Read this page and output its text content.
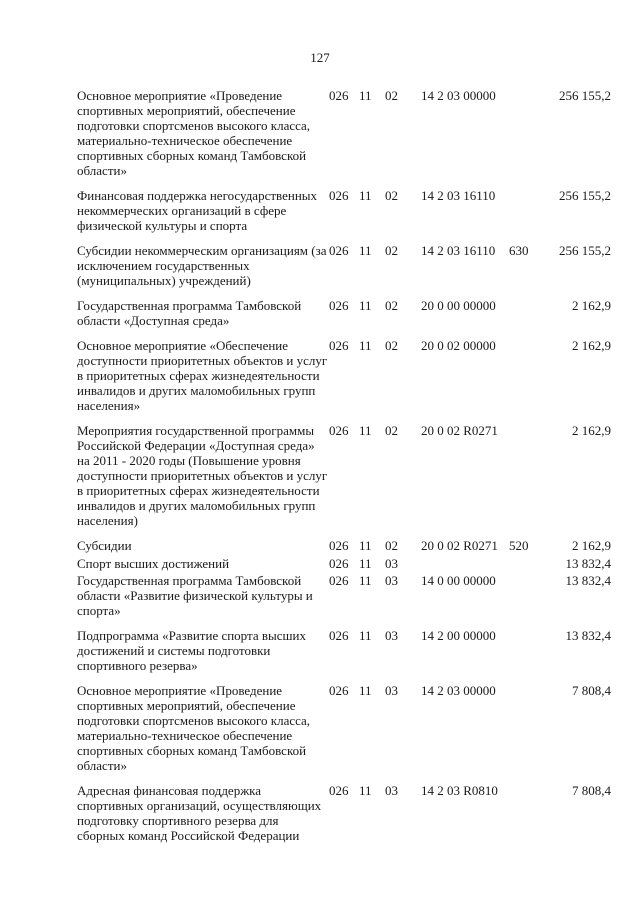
127
Основное мероприятие «Проведение спортивных мероприятий, обеспечение подготовки спортсменов высокого класса, материально-техническое обеспечение спортивных сборных команд Тамбовской области»	026	11	02	14 2 03 00000		256 155,2
Финансовая поддержка негосударственных некоммерческих организаций в сфере физической культуры и спорта	026	11	02	14 2 03 16110		256 155,2
Субсидии некоммерческим организациям (за исключением государственных (муниципальных) учреждений)	026	11	02	14 2 03 16110	630	256 155,2
Государственная программа Тамбовской области «Доступная среда»	026	11	02	20 0 00 00000		2 162,9
Основное мероприятие «Обеспечение доступности приоритетных объектов и услуг в приоритетных сферах жизнедеятельности инвалидов и других маломобильных групп населения»	026	11	02	20 0 02 00000		2 162,9
Мероприятия государственной программы Российской Федерации «Доступная среда» на 2011 - 2020 годы (Повышение уровня доступности приоритетных объектов и услуг в приоритетных сферах жизнедеятельности инвалидов и других маломобильных групп населения)	026	11	02	20 0 02 R0271		2 162,9
Субсидии	026	11	02	20 0 02 R0271	520	2 162,9
Спорт высших достижений	026	11	03			13 832,4
Государственная программа Тамбовской области «Развитие физической культуры и спорта»	026	11	03	14 0 00 00000		13 832,4
Подпрограмма «Развитие спорта высших достижений и системы подготовки спортивного резерва»	026	11	03	14 2 00 00000		13 832,4
Основное мероприятие «Проведение спортивных мероприятий, обеспечение подготовки спортсменов высокого класса, материально-техническое обеспечение спортивных сборных команд Тамбовской области»	026	11	03	14 2 03 00000		7 808,4
Адресная финансовая поддержка спортивных организаций, осуществляющих подготовку спортивного резерва для сборных команд Российской Федерации	026	11	03	14 2 03 R0810		7 808,4
